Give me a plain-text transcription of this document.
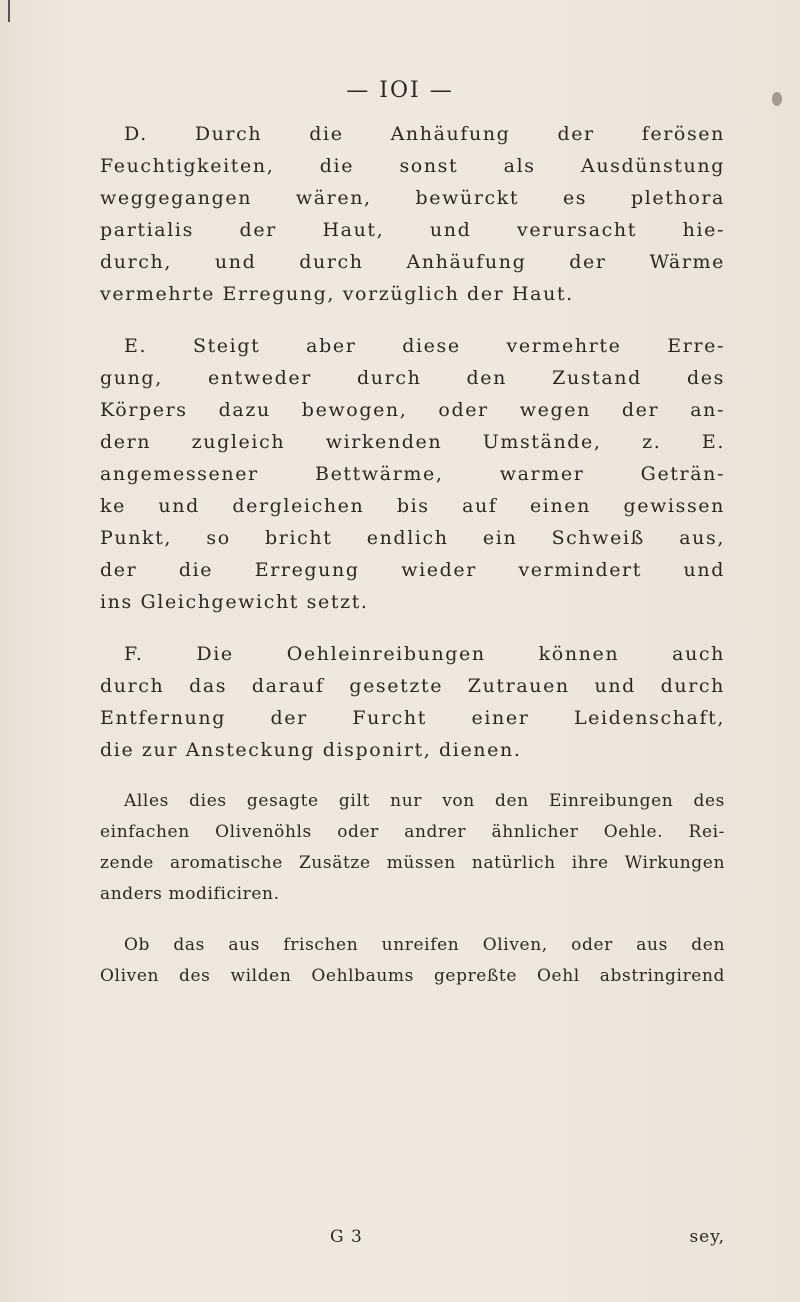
— IOI —

D. Durch die Anhäufung der ferösen
Feuchtigkeiten, die sonst als Ausdünstung
weggegangen wären, bewürckt es plethora
partialis der Haut, und verursacht hie-
durch, und durch Anhäufung der Wärme
vermehrte Erregung, vorzüglich der Haut.

E. Steigt aber diese vermehrte Erre-
gung, entweder durch den Zustand des
Körpers dazu bewogen, oder wegen der an-
dern zugleich wirkenden Umstände, z. E.
angemessener Bettwärme, warmer Geträn-
ke und dergleichen bis auf einen gewissen
Punkt, so bricht endlich ein Schweiß aus,
der die Erregung wieder vermindert und
ins Gleichgewicht setzt.

F. Die Oehleinreibungen können auch
durch das darauf gesetzte Zutrauen und durch
Entfernung der Furcht einer Leidenschaft,
die zur Ansteckung disponirt, dienen.

Alles dies gesagte gilt nur von den Einreibungen des
einfachen Olivenöhls oder andrer ähnlicher Oehle. Rei-
zende aromatische Zusätze müssen natürlich ihre Wirkungen
anders modificiren.

Ob das aus frischen unreifen Oliven, oder aus den
Oliven des wilden Oehlbaums gepreßte Oehl abstringirend

G 3	sey,
